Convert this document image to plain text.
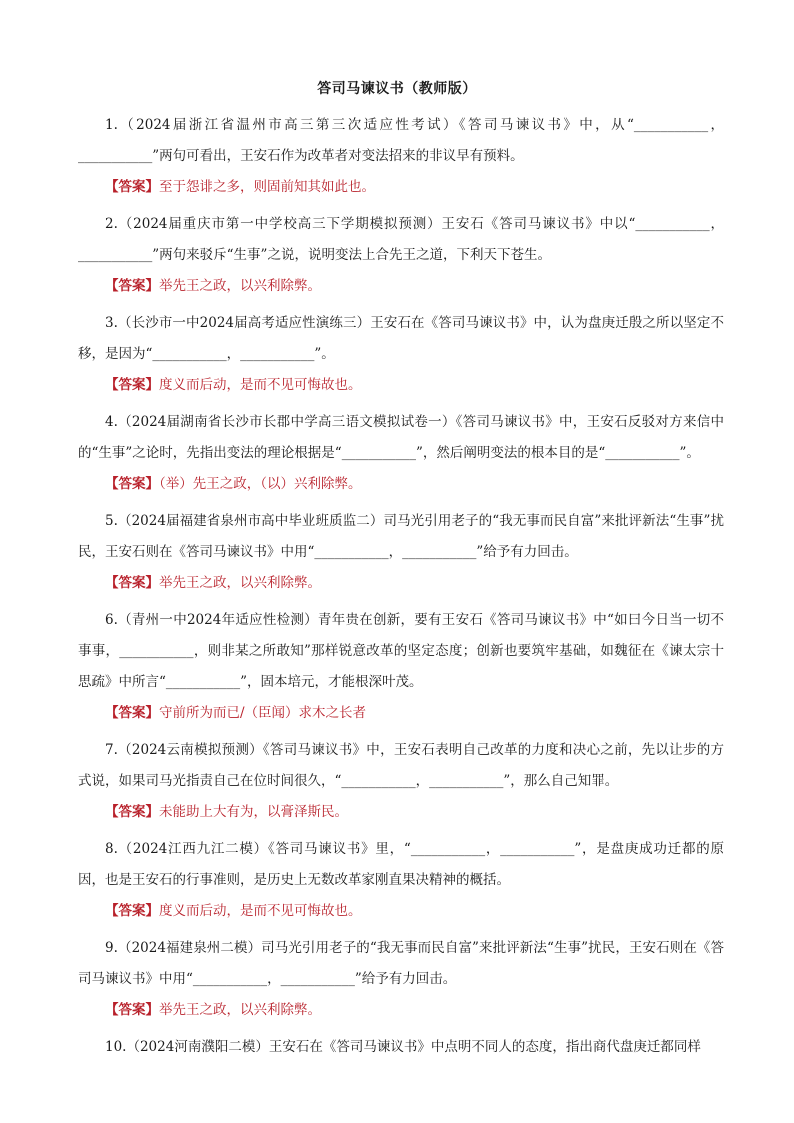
答司马谏议书（教师版）

1.（2024届浙江省温州市高三第三次适应性考试）《答司马谏议书》中，从“___________，___________”两句可看出，王安石作为改革者对变法招来的非议早有预料。

【答案】至于怨诽之多，则固前知其如此也。

2.（2024届重庆市第一中学校高三下学期模拟预测）王安石《答司马谏议书》中以“___________，___________”两句来驳斥“生事”之说，说明变法上合先王之道，下利天下苍生。

【答案】举先王之政，以兴利除弊。

3.（长沙市一中2024届高考适应性演练三）王安石在《答司马谏议书》中，认为盘庚迁殷之所以坚定不移，是因为“___________，___________”。

【答案】度义而后动，是而不见可悔故也。

4.（2024届湖南省长沙市长郡中学高三语文模拟试卷一）《答司马谏议书》中，王安石反驳对方来信中的“生事”之论时，先指出变法的理论根据是“___________”，然后阐明变法的根本目的是“___________”。

【答案】（举）先王之政，（以）兴利除弊。

5.（2024届福建省泉州市高中毕业班质监二）司马光引用老子的“我无事而民自富”来批评新法“生事”扰民，王安石则在《答司马谏议书》中用“___________，___________”给予有力回击。

【答案】举先王之政，以兴利除弊。

6.（青州一中2024年适应性检测）青年贵在创新，要有王安石《答司马谏议书》中“如曰今日当一切不事事，___________，则非某之所敢知”那样锐意改革的坚定态度；创新也要筑牢基础，如魏征在《谏太宗十思疏》中所言“___________”，固本培元，才能根深叶茂。

【答案】守前所为而已/（臣闻）求木之长者

7.（2024云南模拟预测）《答司马谏议书》中，王安石表明自己改革的力度和决心之前，先以让步的方式说，如果司马光指责自己在位时间很久，“___________，___________”，那么自己知罪。

【答案】未能助上大有为，以膏泽斯民。

8.（2024江西九江二模）《答司马谏议书》里，“___________，___________”，是盘庚成功迁都的原因，也是王安石的行事准则，是历史上无数改革家刚直果决精神的概括。

【答案】度义而后动，是而不见可悔故也。

9.（2024福建泉州二模）司马光引用老子的“我无事而民自富”来批评新法“生事”扰民，王安石则在《答司马谏议书》中用“___________，___________”给予有力回击。

【答案】举先王之政，以兴利除弊。

10.（2024河南濮阳二模）王安石在《答司马谏议书》中点明不同人的态度，指出商代盘庚迁都同样
